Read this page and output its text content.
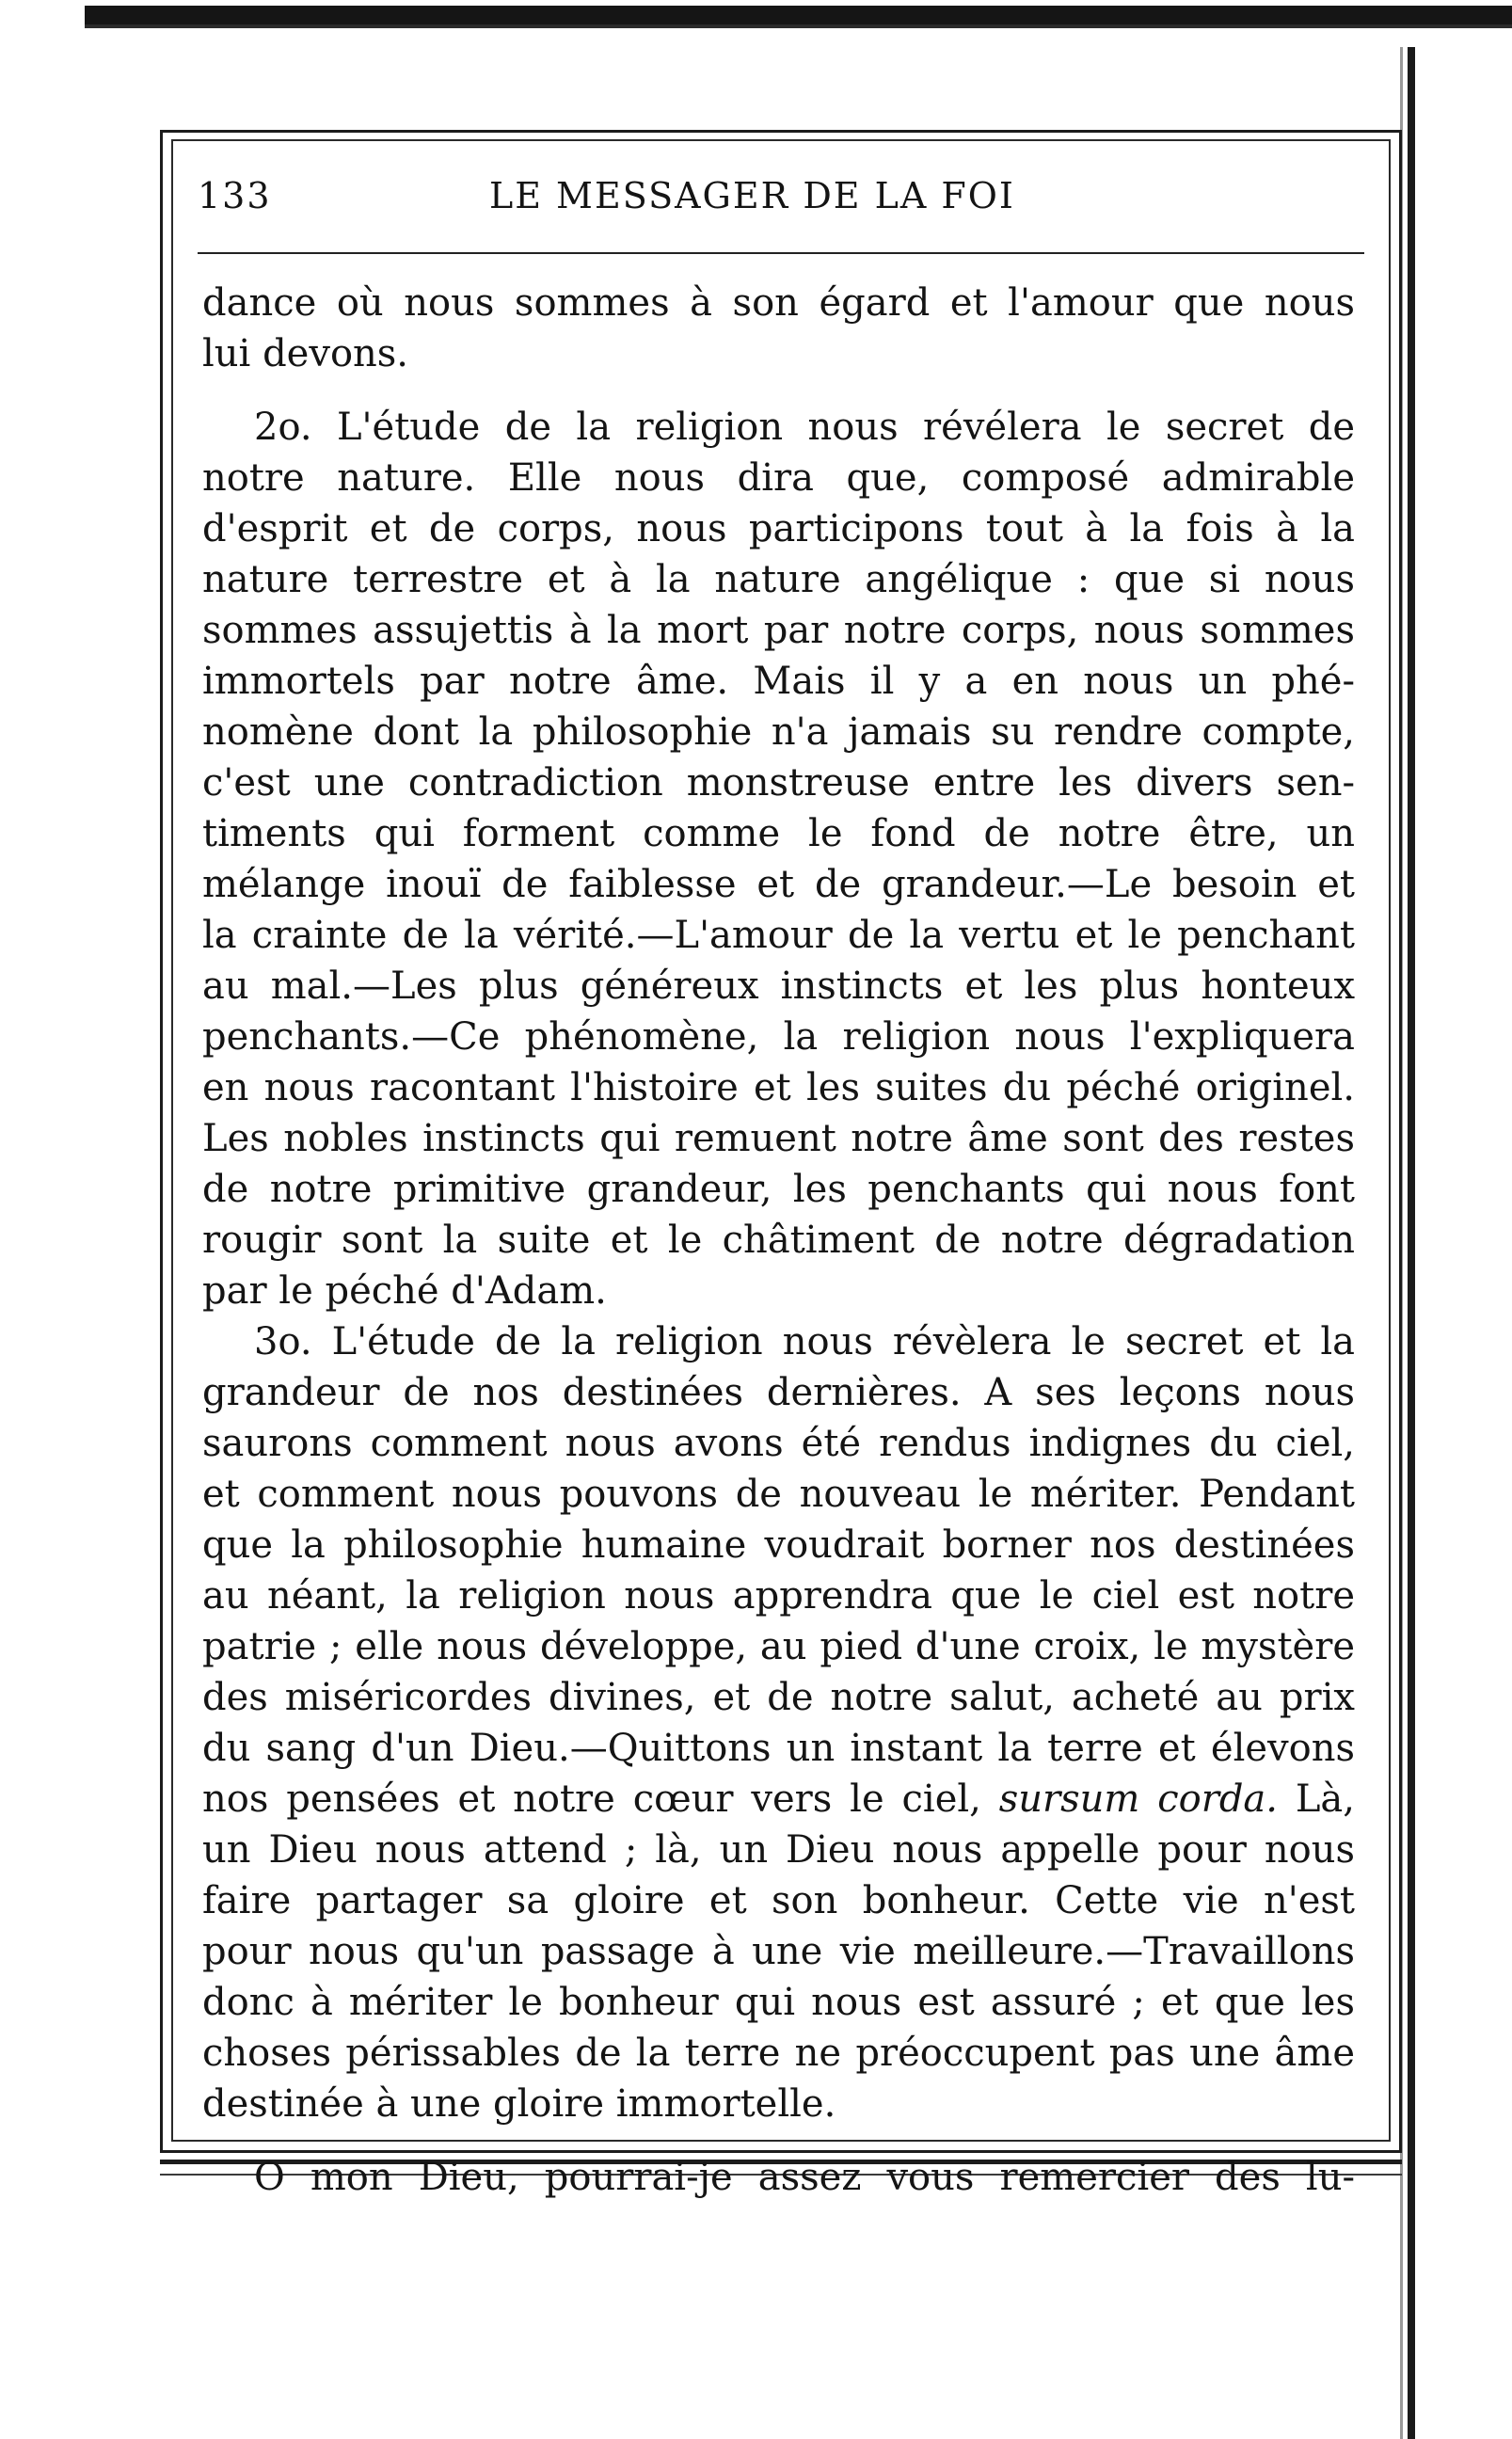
133	LE MESSAGER DE LA FOI
dance où nous sommes à son égard et l'amour que nous
lui devons.
2o. L'étude de la religion nous révélera le secret de
notre nature. Elle nous dira que, composé admirable
d'esprit et de corps, nous participons tout à la fois à la
nature terrestre et à la nature angélique : que si nous
sommes assujettis à la mort par notre corps, nous sommes
immortels par notre âme. Mais il y a en nous un phé-
nomène dont la philosophie n'a jamais su rendre compte,
c'est une contradiction monstreuse entre les divers sen-
timents qui forment comme le fond de notre être, un
mélange inouï de faiblesse et de grandeur.—Le besoin et
la crainte de la vérité.—L'amour de la vertu et le penchant
au mal.—Les plus généreux instincts et les plus honteux
penchants.—Ce phénomène, la religion nous l'expliquera
en nous racontant l'histoire et les suites du péché originel.
Les nobles instincts qui remuent notre âme sont des restes
de notre primitive grandeur, les penchants qui nous font
rougir sont la suite et le châtiment de notre dégradation
par le péché d'Adam.
3o. L'étude de la religion nous révèlera le secret et la
grandeur de nos destinées dernières. A ses leçons nous
saurons comment nous avons été rendus indignes du ciel,
et comment nous pouvons de nouveau le mériter. Pendant
que la philosophie humaine voudrait borner nos destinées
au néant, la religion nous apprendra que le ciel est notre
patrie ; elle nous développe, au pied d'une croix, le mystère
des miséricordes divines, et de notre salut, acheté au prix
du sang d'un Dieu.—Quittons un instant la terre et élevons
nos pensées et notre cœur vers le ciel, sursum corda. Là,
un Dieu nous attend ; là, un Dieu nous appelle pour nous
faire partager sa gloire et son bonheur. Cette vie n'est
pour nous qu'un passage à une vie meilleure.—Travaillons
donc à mériter le bonheur qui nous est assuré ; et que les
choses périssables de la terre ne préoccupent pas une âme
destinée à une gloire immortelle.
O mon Dieu, pourrai-je assez vous remercier des lu-
